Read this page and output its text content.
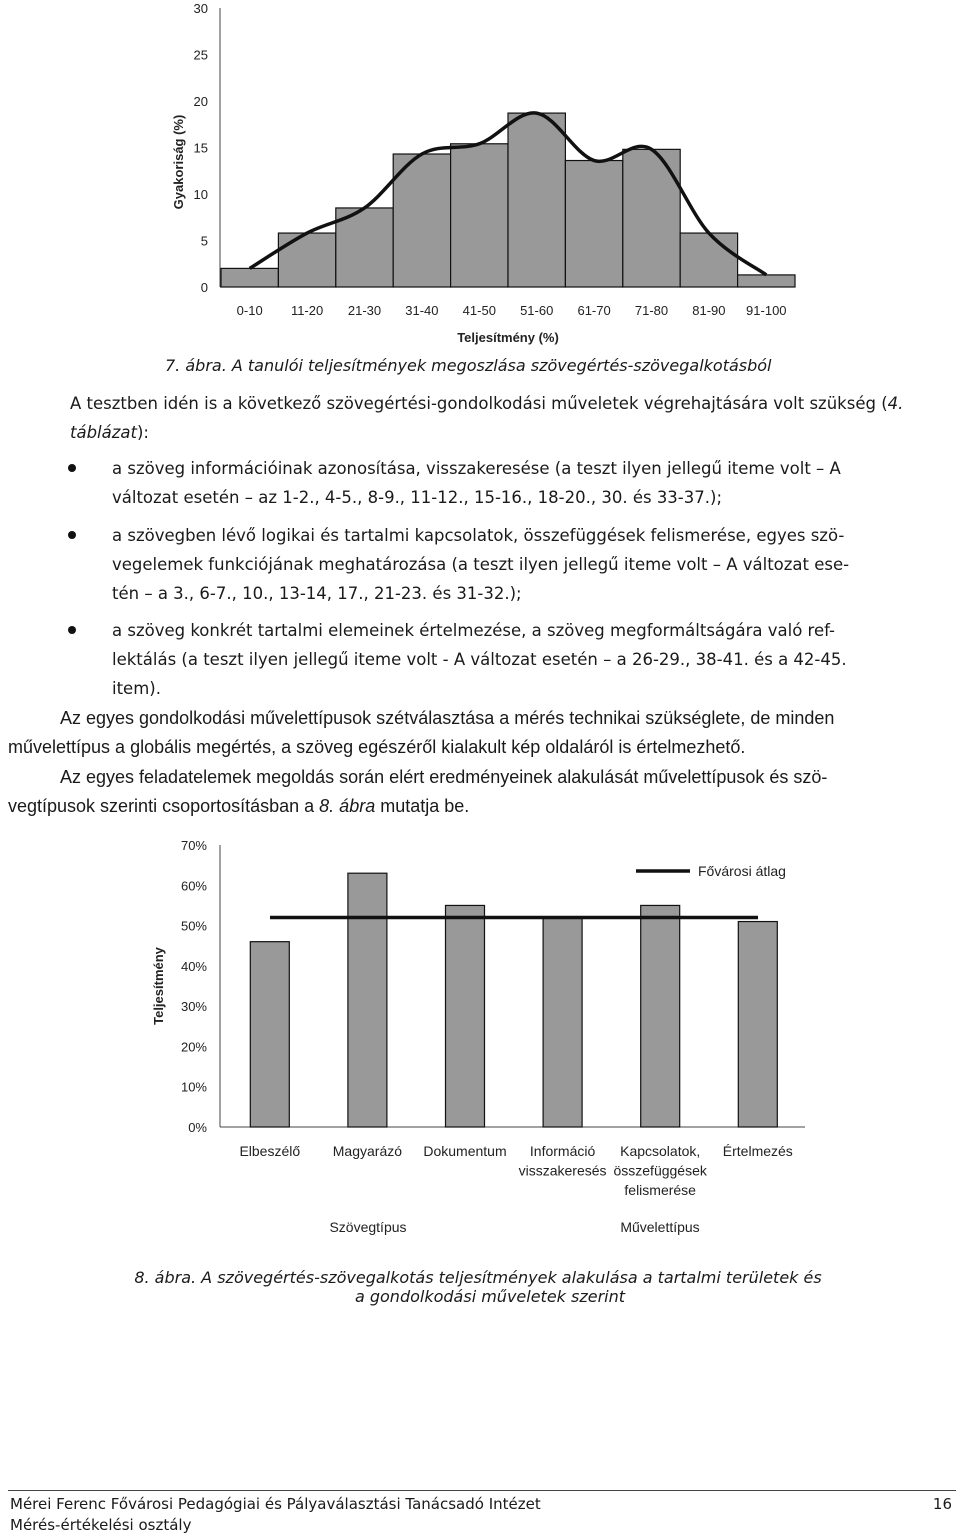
Gyakoriság (%)
0
5
10
15
20
25
30
0-10 11-20 21-30 31-40 41-50 51-60 61-70 71-80 81-90 91-100
Teljesítmény (%)
7. ábra. A tanulói teljesítmények megoszlása szövegértés-szövegalkotásból
A tesztben idén is a következő szövegértési-gondolkodási műveletek végrehajtására volt szükség (4. táblázat):
a szöveg információinak azonosítása, visszakeresése (a teszt ilyen jellegű iteme volt – A
változat esetén – az 1-2., 4-5., 8-9., 11-12., 15-16., 18-20., 30. és 33-37.);
a szövegben lévő logikai és tartalmi kapcsolatok, összefüggések felismerése, egyes szö-
vegelemek funkciójának meghatározása (a teszt ilyen jellegű iteme volt – A változat ese-
tén – a 3., 6-7., 10., 13-14, 17., 21-23. és 31-32.);
a szöveg konkrét tartalmi elemeinek értelmezése, a szöveg megformáltságára való ref-
lektálás (a teszt ilyen jellegű iteme volt - A változat esetén – a 26-29., 38-41. és a 42-45.
item).
Az egyes gondolkodási művelettípusok szétválasztása a mérés technikai szükséglete, de minden
művelettípus a globális megértés, a szöveg egészéről kialakult kép oldaláról is értelmezhető.
Az egyes feladatelemek megoldás során elért eredményeinek alakulását művelettípusok és szö-
vegtípusok szerinti csoportosításban a 8. ábra mutatja be.
Teljesítmény
70%
60%
50%
40%
30%
20%
10%
0%
Fővárosi átlag
Elbeszélő Magyarázó Dokumentum	Információ visszakeresés
Kapcsolatok, összefüggések felismerése
Értelmezés
Szövegtípus	Művelettípus
8. ábra. A szövegértés-szövegalkotás teljesítmények alakulása a tartalmi területek és
a gondolkodási műveletek szerint
Mérei Ferenc Fővárosi Pedagógiai és Pályaválasztási Tanácsadó Intézet
Mérés-értékelési osztály
16
